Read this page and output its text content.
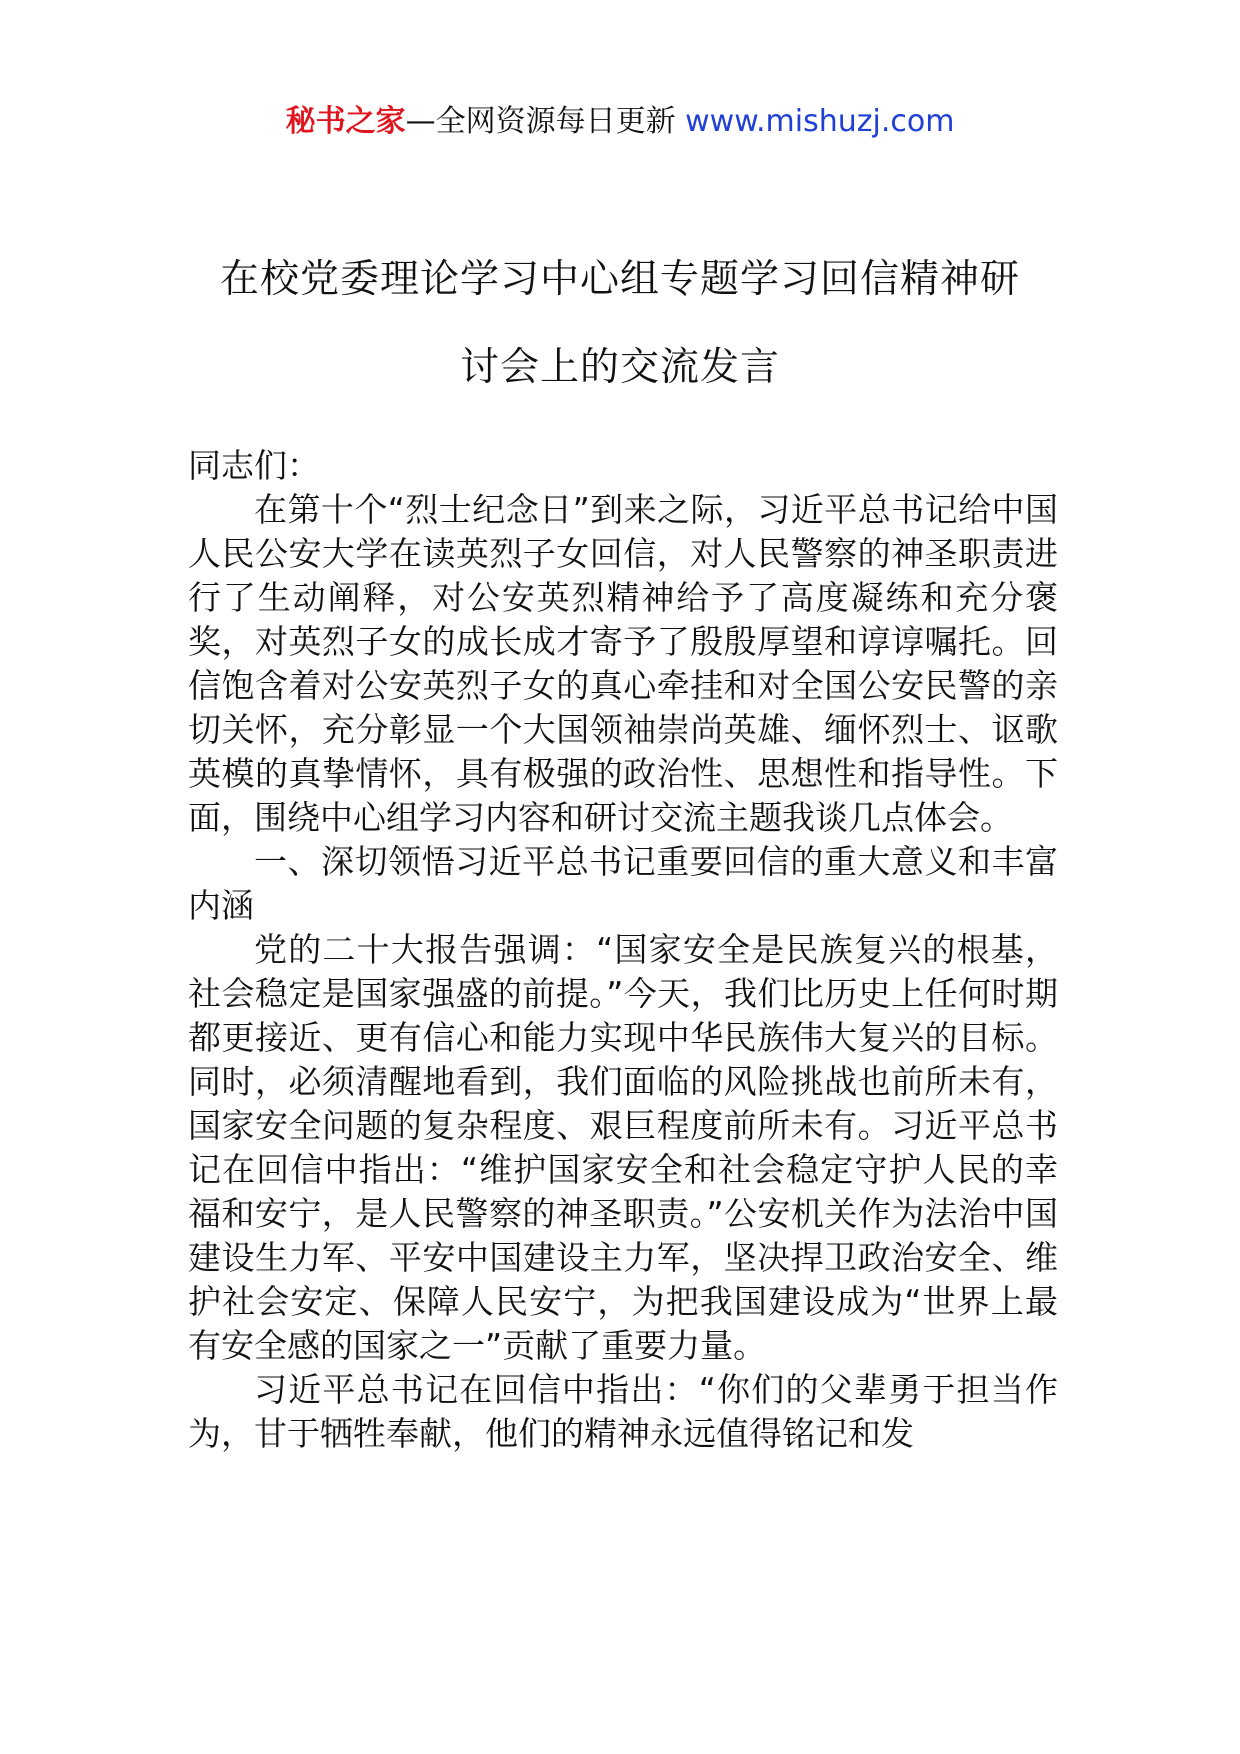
秘书之家—全网资源每日更新 www.mishuzj.com
在校党委理论学习中心组专题学习回信精神研
讨会上的交流发言

同志们：

在第十个“烈士纪念日”到来之际，习近平总书记给中国人民公安大学在读英烈子女回信，对人民警察的神圣职责进行了生动阐释，对公安英烈精神给予了高度凝练和充分褒奖，对英烈子女的成长成才寄予了殷殷厚望和谆谆嘱托。回信饱含着对公安英烈子女的真心牵挂和对全国公安民警的亲切关怀，充分彰显一个大国领袖崇尚英雄、缅怀烈士、讴歌英模的真挚情怀，具有极强的政治性、思想性和指导性。下面，围绕中心组学习内容和研讨交流主题我谈几点体会。

一、深切领悟习近平总书记重要回信的重大意义和丰富内涵

党的二十大报告强调：“国家安全是民族复兴的根基，社会稳定是国家强盛的前提。”今天，我们比历史上任何时期都更接近、更有信心和能力实现中华民族伟大复兴的目标。同时，必须清醒地看到，我们面临的风险挑战也前所未有，国家安全问题的复杂程度、艰巨程度前所未有。习近平总书记在回信中指出：“维护国家安全和社会稳定守护人民的幸福和安宁，是人民警察的神圣职责。”公安机关作为法治中国建设生力军、平安中国建设主力军，坚决捍卫政治安全、维护社会安定、保障人民安宁，为把我国建设成为“世界上最有安全感的国家之一”贡献了重要力量。

习近平总书记在回信中指出：“你们的父辈勇于担当作为，甘于牺牲奉献，他们的精神永远值得铭记和发
